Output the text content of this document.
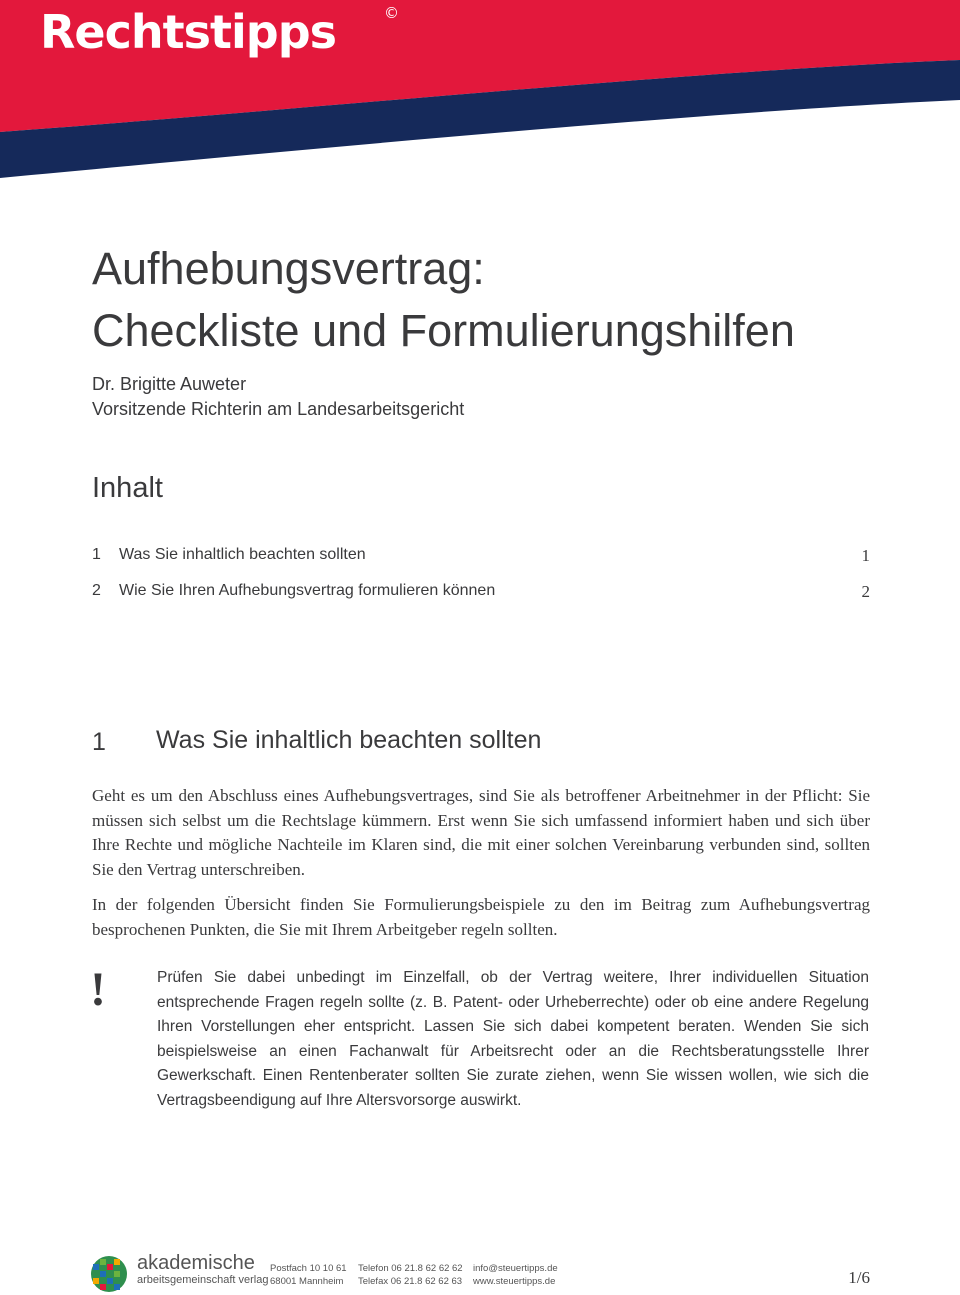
Rechtstipps	©
Aufhebungsvertrag:
Checkliste und Formulierungshilfen
Dr. Brigitte Auweter
Vorsitzende Richterin am Landesarbeitsgericht
Inhalt
1 Was Sie inhaltlich beachten sollten	1
2 Wie Sie Ihren Aufhebungsvertrag formulieren können	2
1 Was Sie inhaltlich beachten sollten

Geht es um den Abschluss eines Aufhebungsvertrages, sind Sie als betroffener Arbeitnehmer in der Pflicht: Sie müssen sich selbst um die Rechtslage kümmern. Erst wenn Sie sich umfassend informiert haben und sich über Ihre Rechte und mögliche Nachteile im Klaren sind, die mit einer solchen Vereinbarung verbunden sind, sollten Sie den Vertrag unterschreiben.

In der folgenden Übersicht finden Sie Formulierungsbeispiele zu den im Beitrag zum Aufhebungsvertrag besprochenen Punkten, die Sie mit Ihrem Arbeitgeber regeln sollten.

!	Prüfen Sie dabei unbedingt im Einzelfall, ob der Vertrag weitere, Ihrer individuellen Situation entsprechende Fragen regeln sollte (z. B. Patent- oder Urheberrechte) oder ob eine andere Regelung Ihren Vorstellungen eher entspricht. Lassen Sie sich dabei kompetent beraten. Wenden Sie sich beispielsweise an einen Fachanwalt für Arbeitsrecht oder an die Rechtsberatungsstelle Ihrer Gewerkschaft. Einen Rentenberater sollten Sie zurate ziehen, wenn Sie wissen wollen, wie sich die Vertragsbeendigung auf Ihre Altersvorsorge auswirkt.

akademische
arbeitsgemeinschaft verlag
Postfach 10 10 61
68001 Mannheim
Telefon 06 21.8 62 62 62
Telefax 06 21.8 62 62 63
info@steuertipps.de
www.steuertipps.de	1/6
